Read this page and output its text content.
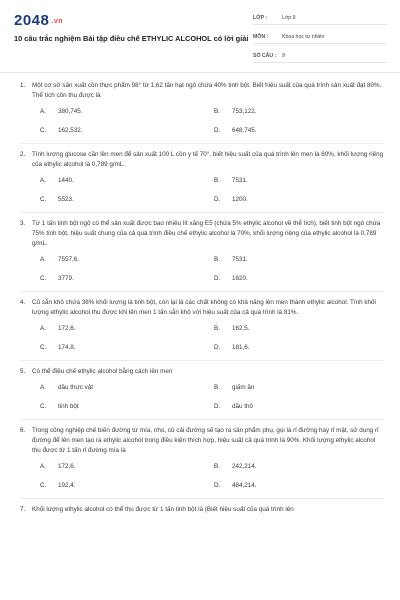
2048 .vn
10 câu trắc nghiệm Bài tập điều chế ETHYLIC ALCOHOL có lời giải
LỚP :	Lớp 9
MÔN :	Khoa học tự nhiên
SỐ CÂU :	9
1.	Một cơ sở sản xuất cồn thực phẩm 98° từ 1,62 tấn hạt ngô chứa 40% tinh bột. Biết hiệu suất của quá trình sản xuất đạt 80%. Thể tích cồn thu được là
A. 380,745.	B. 753,122.
C. 162,532.	D. 648,745.
2.	Tính lượng glucose cần lên men để sản xuất 100 L cồn y tế 70°, biết hiệu suất của quá trình lên men là 80%, khối lượng riêng của ethylic alcohol là 0,789 g/mL.
A. 1440.	B. 7531.
C. 5523.	D. 1200.
3.	Từ 1 tấn tinh bột ngô có thể sản xuất được bao nhiêu lít xăng E5 (chứa 5% ethylic alcohol về thể tích), biết tinh bột ngô chứa 75% tinh bột, hiệu suất chung của cả quá trình điều chế ethylic alcohol là 70%, khối lượng riêng của ethylic alcohol là 0,789 g/mL.
A. 7557,6.	B. 7531.
C. 3779.	D. 1620.
4.	Củ sắn khô chứa 38% khối lượng là tinh bột, còn lại là các chất không có khả năng lên men thành ethylic alcohol. Tính khối lượng ethylic alcohol thu được khi lên men 1 tấn sắn khô với hiệu suất của cả quá trình là 81%.
A. 172,6.	B. 162,5.
C. 174,8.	D. 181,6.
5.	Có thể điều chế ethylic alcohol bằng cách lên men
A. dầu thực vật	B. giấm ăn
C. tinh bột	D. dầu thô
6.	Trong công nghiệp chế biến đường từ mía, nho, củ cải đường sẽ tạo ra sản phẩm phụ, gọi là rỉ đường hay rỉ mật, sử dụng rỉ đường để lên men tạo ra ethylic alcohol trong điều kiện thích hợp, hiệu suất cả quá trình là 90%. Khối lượng ethylic alcohol thu được từ 1 tấn rỉ đường mía là
A. 172,6.	B. 242,214.
C. 192,4.	D. 484,214.
7.	Khối lượng ethylic alcohol có thể thu được từ 1 tấn tinh bột là (Biết hiệu suất của quá trình lên
